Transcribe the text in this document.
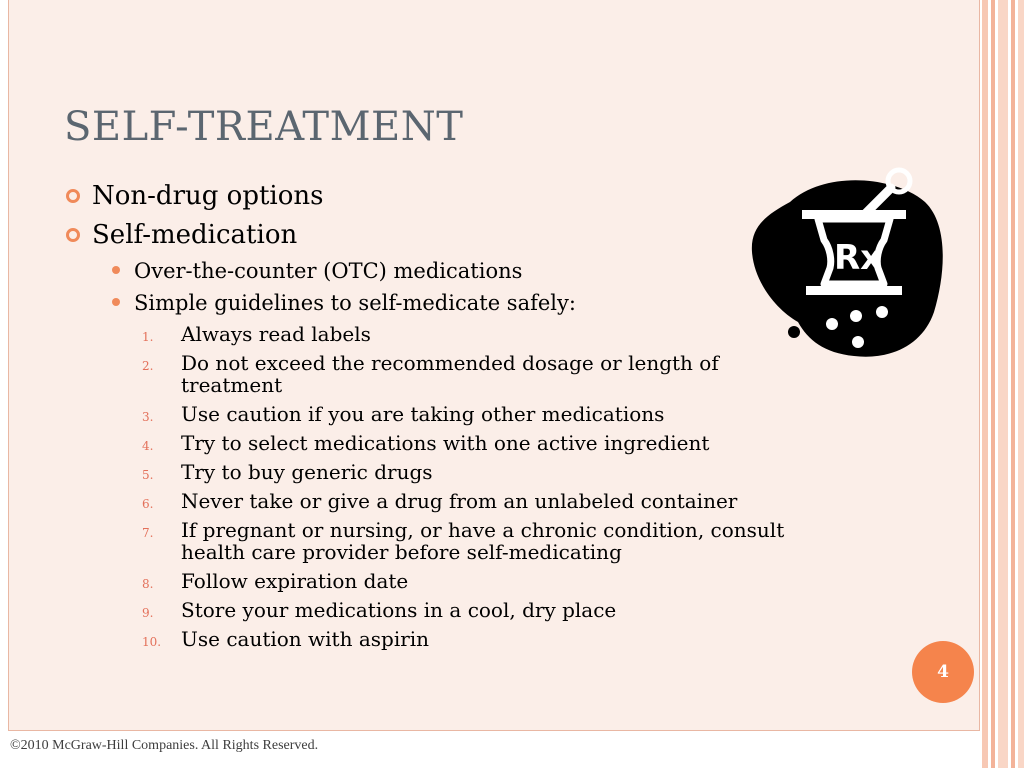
SELF-TREATMENT
Non-drug options
Self-medication
Over-the-counter (OTC) medications
Simple guidelines to self-medicate safely:
1. Always read labels
2. Do not exceed the recommended dosage or length of treatment
3. Use caution if you are taking other medications
4. Try to select medications with one active ingredient
5. Try to buy generic drugs
6. Never take or give a drug from an unlabeled container
7. If pregnant or nursing, or have a chronic condition, consult health care provider before self-medicating
8. Follow expiration date
9. Store your medications in a cool, dry place
10. Use caution with aspirin
Rx
4
©2010 McGraw-Hill Companies. All Rights Reserved.
